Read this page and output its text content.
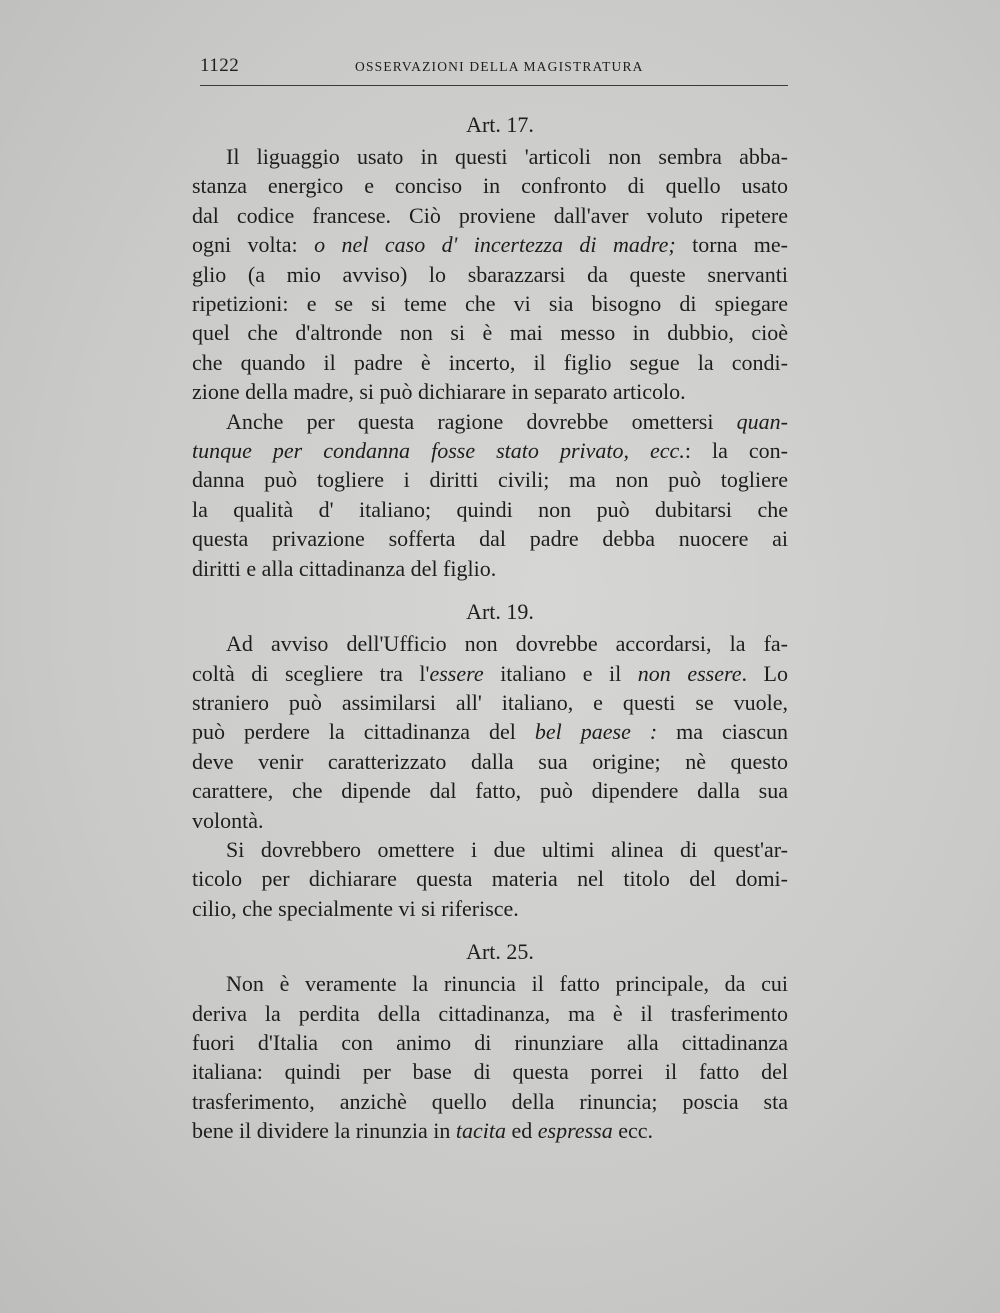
1122	OSSERVAZIONI DELLA MAGISTRATURA
Art. 17.
Il liguaggio usato in questi 'articoli non sembra abba-
stanza energico e conciso in confronto di quello usato
dal codice francese. Ciò proviene dall'aver voluto ripetere
ogni volta: o nel caso d' incertezza di madre; torna me-
glio (a mio avviso) lo sbarazzarsi da queste snervanti
ripetizioni: e se si teme che vi sia bisogno di spiegare
quel che d'altronde non si è mai messo in dubbio, cioè
che quando il padre è incerto, il figlio segue la condi-
zione della madre, si può dichiarare in separato articolo.
Anche per questa ragione dovrebbe omettersi quan-
tunque per condanna fosse stato privato, ecc.: la con-
danna può togliere i diritti civili; ma non può togliere
la qualità d' italiano; quindi non può dubitarsi che
questa privazione sofferta dal padre debba nuocere ai
diritti e alla cittadinanza del figlio.
Art. 19.
Ad avviso dell'Ufficio non dovrebbe accordarsi, la fa-
coltà di scegliere tra l'essere italiano e il non essere. Lo
straniero può assimilarsi all' italiano, e questi se vuole,
può perdere la cittadinanza del bel paese : ma ciascun
deve venir caratterizzato dalla sua origine; nè questo
carattere, che dipende dal fatto, può dipendere dalla sua
volontà.
Si dovrebbero omettere i due ultimi alinea di quest'ar-
ticolo per dichiarare questa materia nel titolo del domi-
cilio, che specialmente vi si riferisce.
Art. 25.
Non è veramente la rinuncia il fatto principale, da cui
deriva la perdita della cittadinanza, ma è il trasferimento
fuori d'Italia con animo di rinunziare alla cittadinanza
italiana: quindi per base di questa porrei il fatto del
trasferimento, anzichè quello della rinuncia; poscia sta
bene il dividere la rinunzia in tacita ed espressa ecc.
